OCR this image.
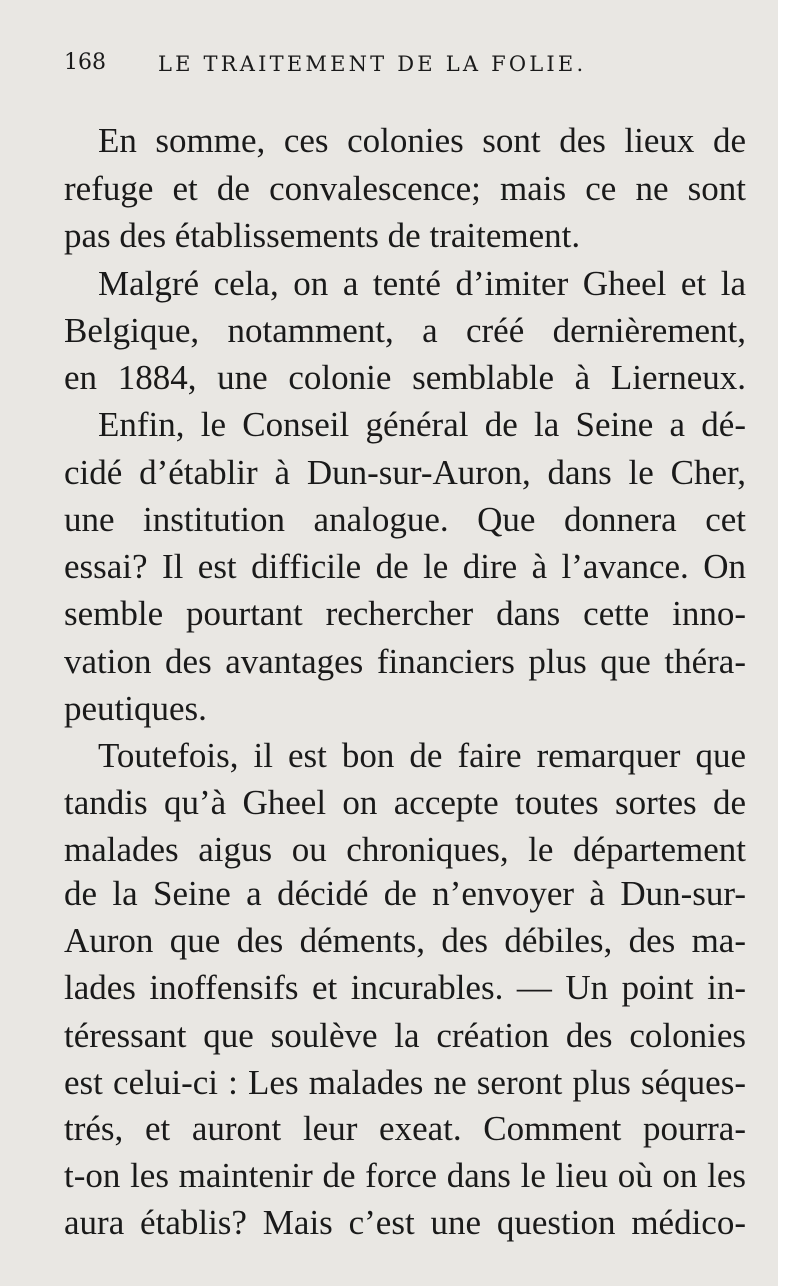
168 LE TRAITEMENT DE LA FOLIE.
En somme, ces colonies sont des lieux de
refuge et de convalescence; mais ce ne sont
pas des établissements de traitement.
Malgré cela, on a tenté d’imiter Gheel et la
Belgique, notamment, a créé dernièrement,
en 1884, une colonie semblable à Lierneux.
Enfin, le Conseil général de la Seine a dé-
cidé d’établir à Dun-sur-Auron, dans le Cher,
une institution analogue. Que donnera cet
essai? Il est difficile de le dire à l’avance. On
semble pourtant rechercher dans cette inno-
vation des avantages financiers plus que théra-
peutiques.
Toutefois, il est bon de faire remarquer que
tandis qu’à Gheel on accepte toutes sortes de
malades aigus ou chroniques, le département
de la Seine a décidé de n’envoyer à Dun-sur-
Auron que des déments, des débiles, des ma-
lades inoffensifs et incurables. — Un point in-
téressant que soulève la création des colonies
est celui-ci : Les malades ne seront plus séques-
trés, et auront leur exeat. Comment pourra-
t-on les maintenir de force dans le lieu où on les
aura établis? Mais c’est une question médico-
